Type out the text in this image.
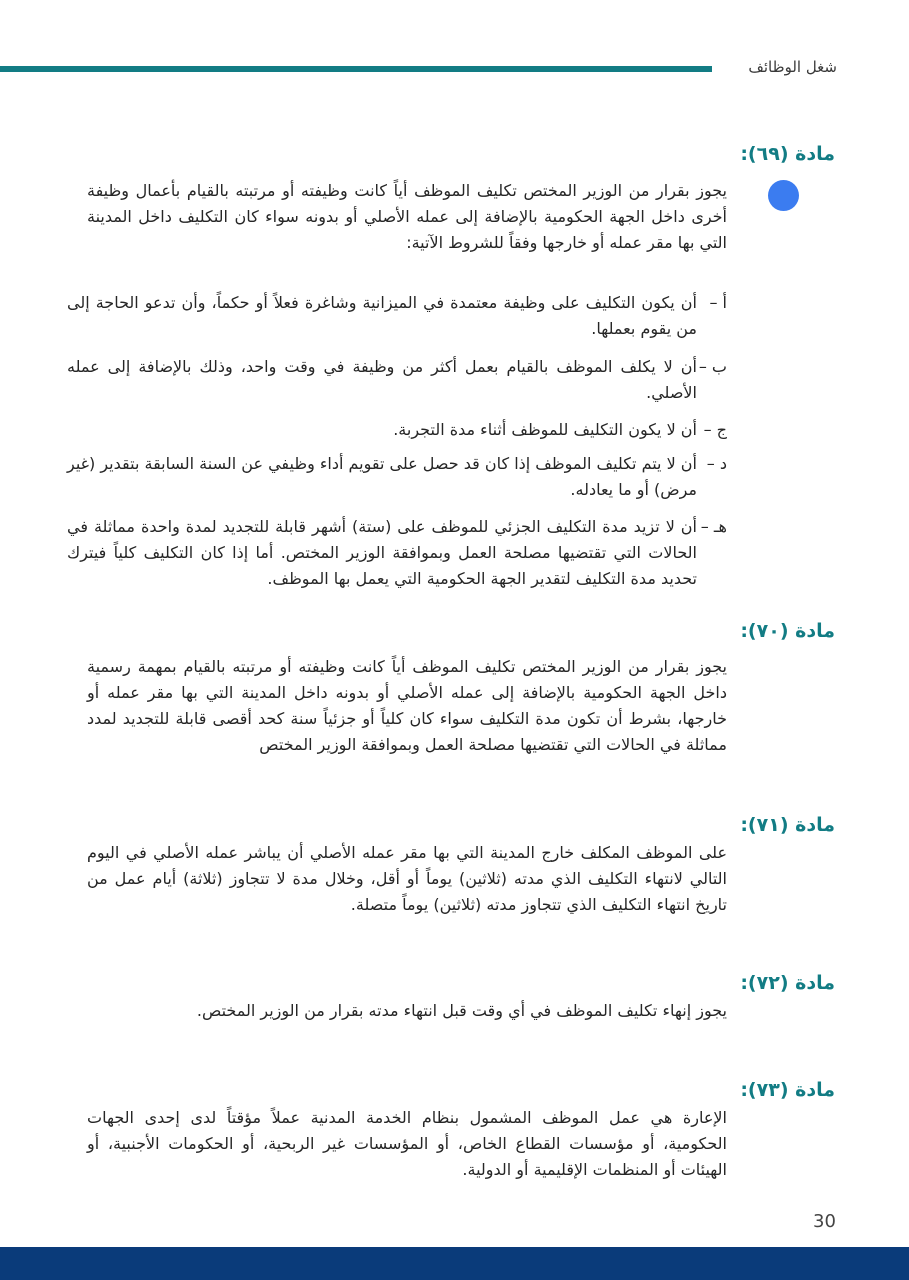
شغل الوظائف
مادة (٦٩):
يجوز بقرار من الوزير المختص تكليف الموظف أياً كانت وظيفته أو مرتبته بالقيام بأعمال وظيفة أخرى داخل الجهة الحكومية بالإضافة إلى عمله الأصلي أو بدونه سواء كان التكليف داخل المدينة التي بها مقر عمله أو خارجها وفقاً للشروط الآتية:
أ –
أن يكون التكليف على وظيفة معتمدة في الميزانية وشاغرة فعلاً أو حكماً، وأن تدعو الحاجة إلى من يقوم بعملها.
ب –
أن لا يكلف الموظف بالقيام بعمل أكثر من وظيفة في وقت واحد، وذلك بالإضافة إلى عمله الأصلي.
ج –
أن لا يكون التكليف للموظف أثناء مدة التجربة.
د –
أن لا يتم تكليف الموظف إذا كان قد حصل على تقويم أداء وظيفي عن السنة السابقة بتقدير (غير مرض) أو ما يعادله.
هـ –
أن لا تزيد مدة التكليف الجزئي للموظف على (ستة) أشهر قابلة للتجديد لمدة واحدة مماثلة في الحالات التي تقتضيها مصلحة العمل وبموافقة الوزير المختص. أما إذا كان التكليف كلياً فيترك تحديد مدة التكليف لتقدير الجهة الحكومية التي يعمل بها الموظف.
مادة (٧٠):
يجوز بقرار من الوزير المختص تكليف الموظف أياً كانت وظيفته أو مرتبته بالقيام بمهمة رسمية داخل الجهة الحكومية بالإضافة إلى عمله الأصلي أو بدونه داخل المدينة التي بها مقر عمله أو خارجها، بشرط أن تكون مدة التكليف سواء كان كلياً أو جزئياً سنة كحد أقصى قابلة للتجديد لمدد مماثلة في الحالات التي تقتضيها مصلحة العمل وبموافقة الوزير المختص
مادة (٧١):
على الموظف المكلف خارج المدينة التي بها مقر عمله الأصلي أن يباشر عمله الأصلي في اليوم التالي لانتهاء التكليف الذي مدته (ثلاثين) يوماً أو أقل، وخلال مدة لا تتجاوز (ثلاثة) أيام عمل من تاريخ انتهاء التكليف الذي تتجاوز مدته (ثلاثين) يوماً متصلة.
مادة (٧٢):
يجوز إنهاء تكليف الموظف في أي وقت قبل انتهاء مدته بقرار من الوزير المختص.
مادة (٧٣):
الإعارة هي عمل الموظف المشمول بنظام الخدمة المدنية عملاً مؤقتاً لدى إحدى الجهات الحكومية، أو مؤسسات القطاع الخاص، أو المؤسسات غير الربحية، أو الحكومات الأجنبية، أو الهيئات أو المنظمات الإقليمية أو الدولية.
30
